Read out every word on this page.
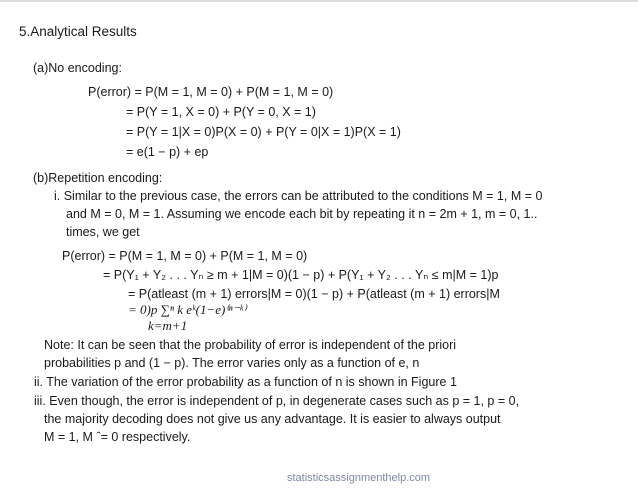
5.Analytical Results
(a)No encoding:
P(error) = P(M = 1, M = 0) + P(M = 1, M = 0)
= P(Y = 1, X = 0) + P(Y = 0, X = 1)
= P(Y = 1|X = 0)P(X = 0) + P(Y = 0|X = 1)P(X = 1)
= e(1 − p) + ep
(b)Repetition encoding:
i. Similar to the previous case, the errors can be attributed to the conditions M = 1, M = 0
and M = 0, M = 1. Assuming we encode each bit by repeating it n = 2m + 1, m = 0, 1..
times, we get
P(error) = P(M = 1, M = 0) + P(M = 1, M = 0)
= P(Y₁ + Y₂ . . . Yₙ ≥ m + 1|M = 0)(1 − p) + P(Y₁ + Y₂ . . . Yₙ ≤ m|M = 1)p
= P(atleast (m + 1) errors|M = 0)(1 − p) + P(atleast (m + 1) errors|M
= 0)p ∑ⁿ k eᵏ(1−e)⁽ⁿ⁻ᵏ⁾
k=m+1
Note: It can be seen that the probability of error is independent of the priori
probabilities p and (1 − p). The error varies only as a function of e, n
ii. The variation of the error probability as a function of n is shown in Figure 1
iii. Even though, the error is independent of p, in degenerate cases such as p = 1, p = 0,
the majority decoding does not give us any advantage. It is easier to always output
M = 1, M ˆ= 0 respectively.
statisticsassignmenthelp.com
